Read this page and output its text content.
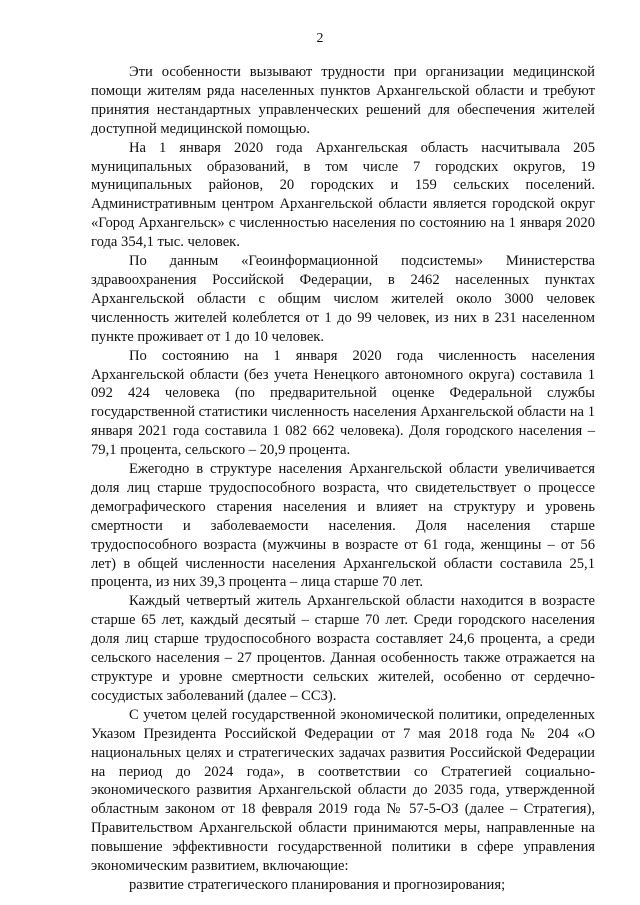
2

Эти особенности вызывают трудности при организации медицинской помощи жителям ряда населенных пунктов Архангельской области и требуют принятия нестандартных управленческих решений для обеспечения жителей доступной медицинской помощью.

На 1 января 2020 года Архангельская область насчитывала 205 муниципальных образований, в том числе 7 городских округов, 19 муниципальных районов, 20 городских и 159 сельских поселений. Административным центром Архангельской области является городской округ «Город Архангельск» с численностью населения по состоянию на 1 января 2020 года 354,1 тыс. человек.

По данным «Геоинформационной подсистемы» Министерства здравоохранения Российской Федерации, в 2462 населенных пунктах Архангельской области с общим числом жителей около 3000 человек численность жителей колеблется от 1 до 99 человек, из них в 231 населенном пункте проживает от 1 до 10 человек.

По состоянию на 1 января 2020 года численность населения Архангельской области (без учета Ненецкого автономного округа) составила 1 092 424 человека (по предварительной оценке Федеральной службы государственной статистики численность населения Архангельской области на 1 января 2021 года составила 1 082 662 человека). Доля городского населения – 79,1 процента, сельского – 20,9 процента.

Ежегодно в структуре населения Архангельской области увеличивается доля лиц старше трудоспособного возраста, что свидетельствует о процессе демографического старения населения и влияет на структуру и уровень смертности и заболеваемости населения. Доля населения старше трудоспособного возраста (мужчины в возрасте от 61 года, женщины – от 56 лет) в общей численности населения Архангельской области составила 25,1 процента, из них 39,3 процента – лица старше 70 лет.

Каждый четвертый житель Архангельской области находится в возрасте старше 65 лет, каждый десятый – старше 70 лет. Среди городского населения доля лиц старше трудоспособного возраста составляет 24,6 процента, а среди сельского населения – 27 процентов. Данная особенность также отражается на структуре и уровне смертности сельских жителей, особенно от сердечно-сосудистых заболеваний (далее – ССЗ).

С учетом целей государственной экономической политики, определенных Указом Президента Российской Федерации от 7 мая 2018 года № 204 «О национальных целях и стратегических задачах развития Российской Федерации на период до 2024 года», в соответствии со Стратегией социально-экономического развития Архангельской области до 2035 года, утвержденной областным законом от 18 февраля 2019 года № 57-5-ОЗ (далее – Стратегия), Правительством Архангельской области принимаются меры, направленные на повышение эффективности государственной политики в сфере управления экономическим развитием, включающие:

развитие стратегического планирования и прогнозирования;
